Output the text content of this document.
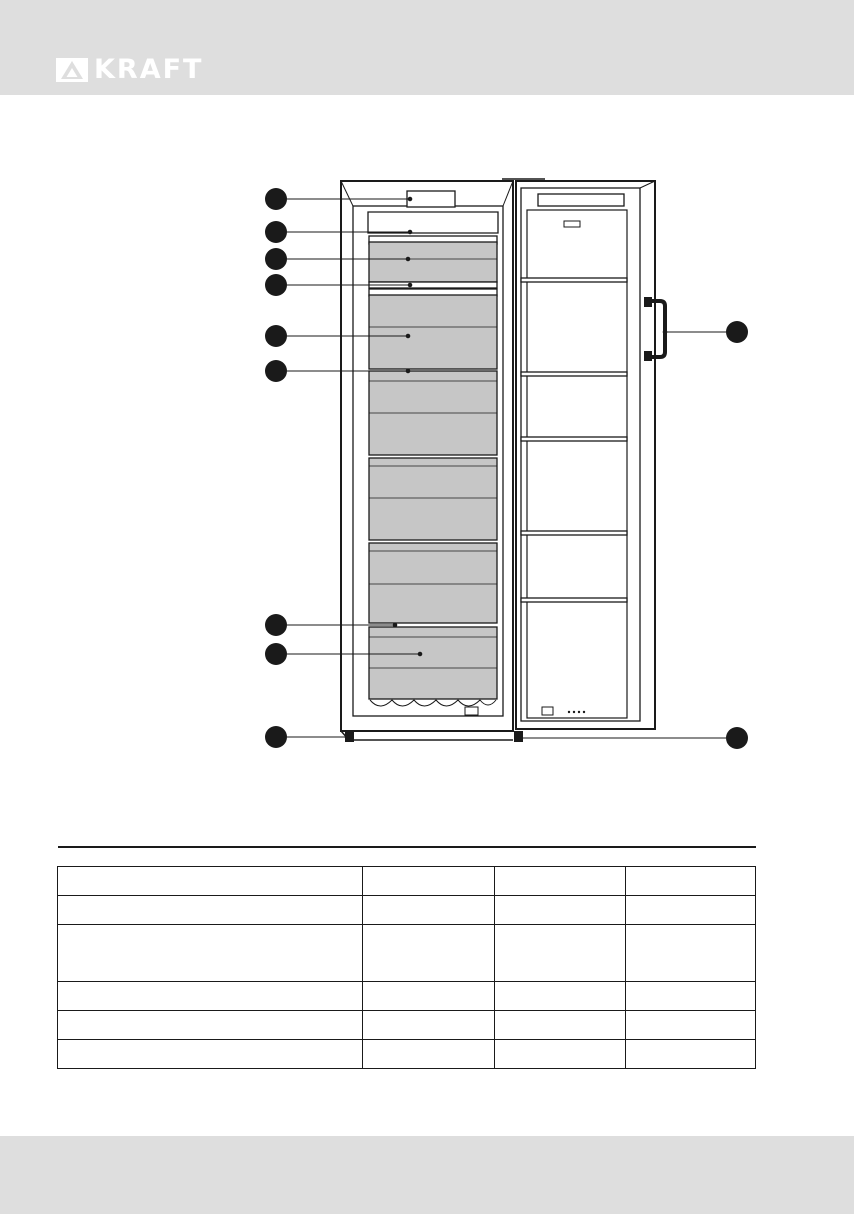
KRAFT
